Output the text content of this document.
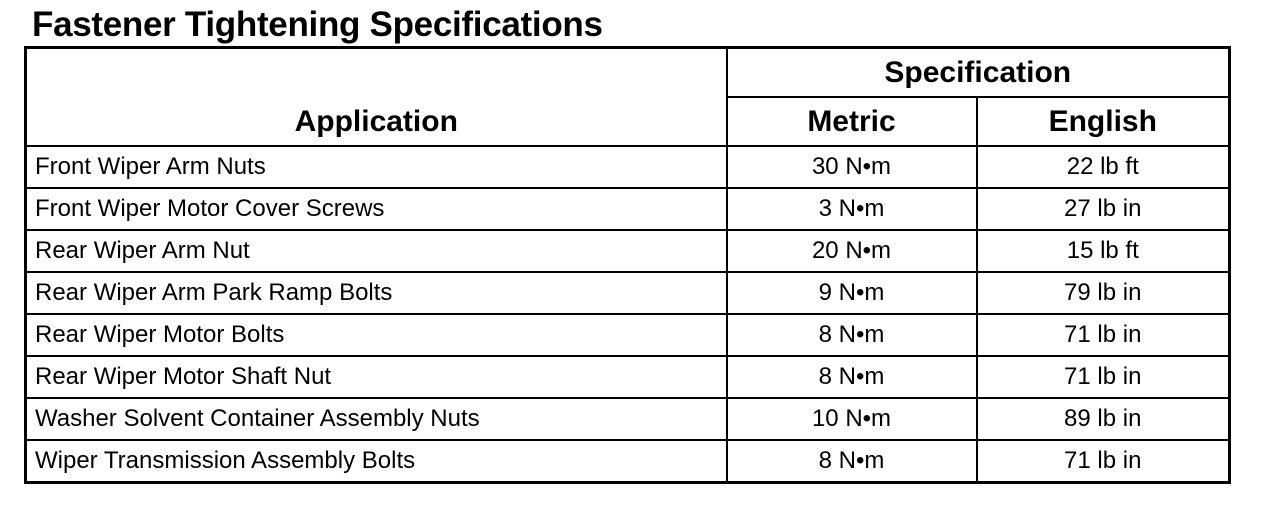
Fastener Tightening Specifications
Application	Specification	
	Metric	English
Front Wiper Arm Nuts	30 N•m	22 lb ft
Front Wiper Motor Cover Screws	3 N•m	27 lb in
Rear Wiper Arm Nut	20 N•m	15 lb ft
Rear Wiper Arm Park Ramp Bolts	9 N•m	79 lb in
Rear Wiper Motor Bolts	8 N•m	71 lb in
Rear Wiper Motor Shaft Nut	8 N•m	71 lb in
Washer Solvent Container Assembly Nuts	10 N•m	89 lb in
Wiper Transmission Assembly Bolts	8 N•m	71 lb in
